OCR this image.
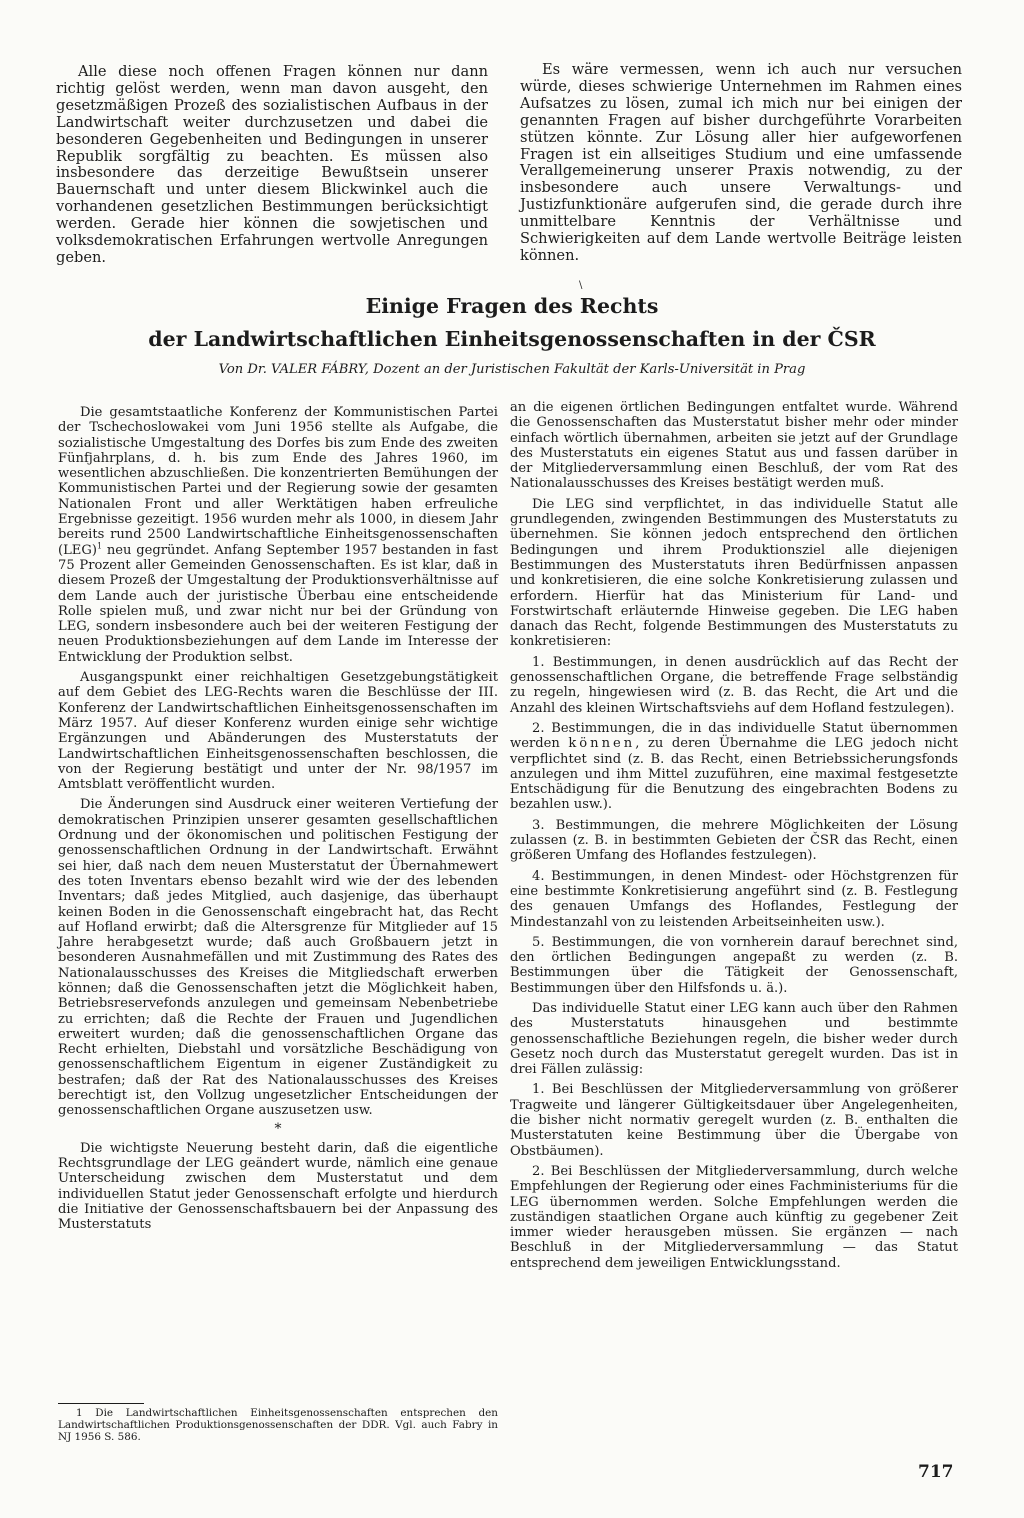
Alle diese noch offenen Fragen können nur dann richtig gelöst werden, wenn man davon ausgeht, den gesetzmäßigen Prozeß des sozialistischen Aufbaus in der Landwirtschaft weiter durchzusetzen und dabei die besonderen Gegebenheiten und Bedingungen in unserer Republik sorgfältig zu beachten. Es müssen also insbesondere das derzeitige Bewußtsein unserer Bauernschaft und unter diesem Blickwinkel auch die vorhandenen gesetzlichen Bestimmungen berücksichtigt werden. Gerade hier können die sowjetischen und volksdemokratischen Erfahrungen wertvolle Anregungen geben.

Es wäre vermessen, wenn ich auch nur versuchen würde, dieses schwierige Unternehmen im Rahmen eines Aufsatzes zu lösen, zumal ich mich nur bei einigen der genannten Fragen auf bisher durchgeführte Vorarbeiten stützen könnte. Zur Lösung aller hier aufgeworfenen Fragen ist ein allseitiges Studium und eine umfassende Verallgemeinerung unserer Praxis notwendig, zu der insbesondere auch unsere Verwaltungs- und Justizfunktionäre aufgerufen sind, die gerade durch ihre unmittelbare Kenntnis der Verhältnisse und Schwierigkeiten auf dem Lande wertvolle Beiträge leisten können.

\
Einige Fragen des Rechts
der Landwirtschaftlichen Einheitsgenossenschaften in der ČSR
Von Dr. VALER FÁBRY, Dozent an der Juristischen Fakultät der Karls-Universität in Prag

Die gesamtstaatliche Konferenz der Kommunistischen Partei der Tschechoslowakei vom Juni 1956 stellte als Aufgabe, die sozialistische Umgestaltung des Dorfes bis zum Ende des zweiten Fünfjahrplans, d. h. bis zum Ende des Jahres 1960, im wesentlichen abzuschließen. Die konzentrierten Bemühungen der Kommunistischen Partei und der Regierung sowie der gesamten Nationalen Front und aller Werktätigen haben erfreuliche Ergebnisse gezeitigt. 1956 wurden mehr als 1000, in diesem Jahr bereits rund 2500 Landwirtschaftliche Einheitsgenossenschaften (LEG)$^1$ neu gegründet. Anfang September 1957 bestanden in fast 75 Prozent aller Gemeinden Genossenschaften. Es ist klar, daß in diesem Prozeß der Umgestaltung der Produktionsverhältnisse auf dem Lande auch der juristische Überbau eine entscheidende Rolle spielen muß, und zwar nicht nur bei der Gründung von LEG, sondern insbesondere auch bei der weiteren Festigung der neuen Produktionsbeziehungen auf dem Lande im Interesse der Entwicklung der Produktion selbst.

Ausgangspunkt einer reichhaltigen Gesetzgebungstätigkeit auf dem Gebiet des LEG-Rechts waren die Beschlüsse der III. Konferenz der Landwirtschaftlichen Einheitsgenossenschaften im März 1957. Auf dieser Konferenz wurden einige sehr wichtige Ergänzungen und Abänderungen des Musterstatuts der Landwirtschaftlichen Einheitsgenossenschaften beschlossen, die von der Regierung bestätigt und unter der Nr. 98/1957 im Amtsblatt veröffentlicht wurden.

Die Änderungen sind Ausdruck einer weiteren Vertiefung der demokratischen Prinzipien unserer gesamten gesellschaftlichen Ordnung und der ökonomischen und politischen Festigung der genossenschaftlichen Ordnung in der Landwirtschaft. Erwähnt sei hier, daß nach dem neuen Musterstatut der Übernahmewert des toten Inventars ebenso bezahlt wird wie der des lebenden Inventars; daß jedes Mitglied, auch dasjenige, das überhaupt keinen Boden in die Genossenschaft eingebracht hat, das Recht auf Hofland erwirbt; daß die Altersgrenze für Mitglieder auf 15 Jahre herabgesetzt wurde; daß auch Großbauern jetzt in besonderen Ausnahmefällen und mit Zustimmung des Rates des Nationalausschusses des Kreises die Mitgliedschaft erwerben können; daß die Genossenschaften jetzt die Möglichkeit haben, Betriebsreservefonds anzulegen und gemeinsam Nebenbetriebe zu errichten; daß die Rechte der Frauen und Jugendlichen erweitert wurden; daß die genossenschaftlichen Organe das Recht erhielten, Diebstahl und vorsätzliche Beschädigung von genossenschaftlichem Eigentum in eigener Zuständigkeit zu bestrafen; daß der Rat des Nationalausschusses des Kreises berechtigt ist, den Vollzug ungesetzlicher Entscheidungen der genossenschaftlichen Organe auszusetzen usw.

*

Die wichtigste Neuerung besteht darin, daß die eigentliche Rechtsgrundlage der LEG geändert wurde, nämlich eine genaue Unterscheidung zwischen dem Musterstatut und dem individuellen Statut jeder Genossenschaft erfolgte und hierdurch die Initiative der Genossenschaftsbauern bei der Anpassung des Musterstatuts

1 Die Landwirtschaftlichen Einheitsgenossenschaften entsprechen den Landwirtschaftlichen Produktionsgenossenschaften der DDR. Vgl. auch Fabry in NJ 1956 S. 586.

an die eigenen örtlichen Bedingungen entfaltet wurde. Während die Genossenschaften das Musterstatut bisher mehr oder minder einfach wörtlich übernahmen, arbeiten sie jetzt auf der Grundlage des Musterstatuts ein eigenes Statut aus und fassen darüber in der Mitgliederversammlung einen Beschluß, der vom Rat des Nationalausschusses des Kreises bestätigt werden muß.

Die LEG sind verpflichtet, in das individuelle Statut alle grundlegenden, zwingenden Bestimmungen des Musterstatuts zu übernehmen. Sie können jedoch entsprechend den örtlichen Bedingungen und ihrem Produktionsziel alle diejenigen Bestimmungen des Musterstatuts ihren Bedürfnissen anpassen und konkretisieren, die eine solche Konkretisierung zulassen und erfordern. Hierfür hat das Ministerium für Land- und Forstwirtschaft erläuternde Hinweise gegeben. Die LEG haben danach das Recht, folgende Bestimmungen des Musterstatuts zu konkretisieren:

1. Bestimmungen, in denen ausdrücklich auf das Recht der genossenschaftlichen Organe, die betreffende Frage selbständig zu regeln, hingewiesen wird (z. B. das Recht, die Art und die Anzahl des kleinen Wirtschaftsviehs auf dem Hofland festzulegen).

2. Bestimmungen, die in das individuelle Statut übernommen werden können, zu deren Übernahme die LEG jedoch nicht verpflichtet sind (z. B. das Recht, einen Betriebssicherungsfonds anzulegen und ihm Mittel zuzuführen, eine maximal festgesetzte Entschädigung für die Benutzung des eingebrachten Bodens zu bezahlen usw.).

3. Bestimmungen, die mehrere Möglichkeiten der Lösung zulassen (z. B. in bestimmten Gebieten der ČSR das Recht, einen größeren Umfang des Hoflandes festzulegen).

4. Bestimmungen, in denen Mindest- oder Höchstgrenzen für eine bestimmte Konkretisierung angeführt sind (z. B. Festlegung des genauen Umfangs des Hoflandes, Festlegung der Mindestanzahl von zu leistenden Arbeitseinheiten usw.).

5. Bestimmungen, die von vornherein darauf berechnet sind, den örtlichen Bedingungen angepaßt zu werden (z. B. Bestimmungen über die Tätigkeit der Genossenschaft, Bestimmungen über den Hilfsfonds u. ä.).

Das individuelle Statut einer LEG kann auch über den Rahmen des Musterstatuts hinausgehen und bestimmte genossenschaftliche Beziehungen regeln, die bisher weder durch Gesetz noch durch das Musterstatut geregelt wurden. Das ist in drei Fällen zulässig:

1. Bei Beschlüssen der Mitgliederversammlung von größerer Tragweite und längerer Gültigkeitsdauer über Angelegenheiten, die bisher nicht normativ geregelt wurden (z. B. enthalten die Musterstatuten keine Bestimmung über die Übergabe von Obstbäumen).

2. Bei Beschlüssen der Mitgliederversammlung, durch welche Empfehlungen der Regierung oder eines Fachministeriums für die LEG übernommen werden. Solche Empfehlungen werden die zuständigen staatlichen Organe auch künftig zu gegebener Zeit immer wieder herausgeben müssen. Sie ergänzen — nach Beschluß in der Mitgliederversammlung — das Statut entsprechend dem jeweiligen Entwicklungsstand.

717
